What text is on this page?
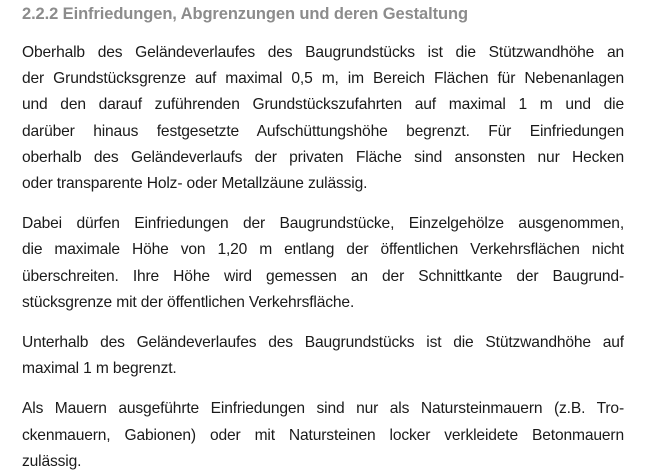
2.2.2 Einfriedungen, Abgrenzungen und deren Gestaltung

Oberhalb des Geländeverlaufes des Baugrundstücks ist die Stützwandhöhe an
der Grundstücksgrenze auf maximal 0,5 m, im Bereich Flächen für Nebenanlagen
und den darauf zuführenden Grundstückszufahrten auf maximal 1 m und die
darüber hinaus festgesetzte Aufschüttungshöhe begrenzt. Für Einfriedungen
oberhalb des Geländeverlaufs der privaten Fläche sind ansonsten nur Hecken
oder transparente Holz- oder Metallzäune zulässig.

Dabei dürfen Einfriedungen der Baugrundstücke, Einzelgehölze ausgenommen,
die maximale Höhe von 1,20 m entlang der öffentlichen Verkehrsflächen nicht
überschreiten. Ihre Höhe wird gemessen an der Schnittkante der Baugrund-
stücksgrenze mit der öffentlichen Verkehrsfläche.

Unterhalb des Geländeverlaufes des Baugrundstücks ist die Stützwandhöhe auf
maximal 1 m begrenzt.

Als Mauern ausgeführte Einfriedungen sind nur als Natursteinmauern (z.B. Tro-
ckenmauern, Gabionen) oder mit Natursteinen locker verkleidete Betonmauern
zulässig.
